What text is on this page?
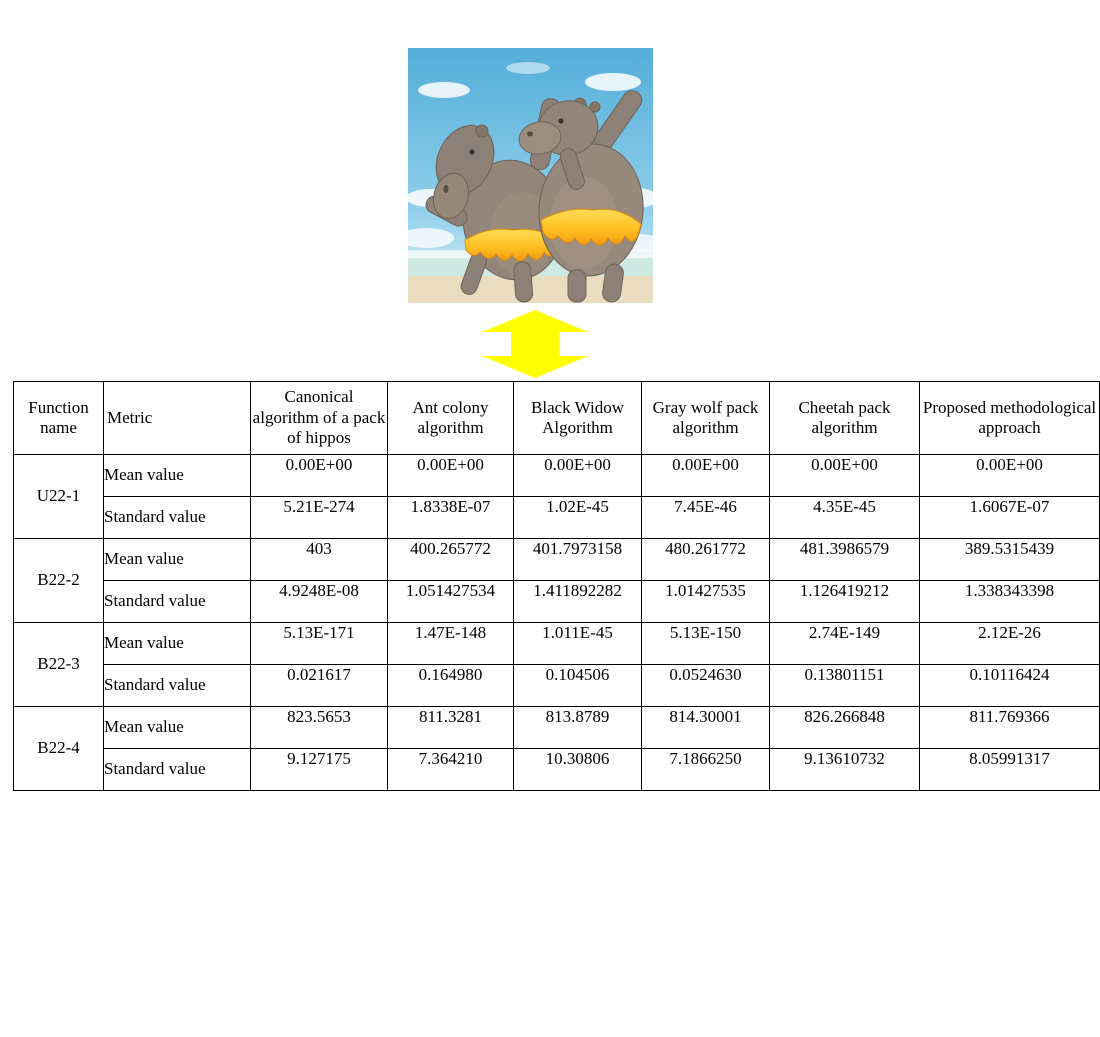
Function name	Metric	Canonical algorithm of a pack of hippos	Ant colony algorithm	Black Widow Algorithm	Gray wolf pack algorithm	Cheetah pack algorithm	Proposed methodological approach
U22-1	Mean value	0.00E+00	0.00E+00	0.00E+00	0.00E+00	0.00E+00	0.00E+00
	Standard value	5.21E-274	1.8338E-07	1.02E-45	7.45E-46	4.35E-45	1.6067E-07
B22-2	Mean value	403	400.265772	401.7973158	480.261772	481.3986579	389.5315439
	Standard value	4.9248E-08	1.051427534	1.411892282	1.01427535	1.126419212	1.338343398
B22-3	Mean value	5.13E-171	1.47E-148	1.011E-45	5.13E-150	2.74E-149	2.12E-26
	Standard value	0.021617	0.164980	0.104506	0.0524630	0.13801151	0.10116424
B22-4	Mean value	823.5653	811.3281	813.8789	814.30001	826.266848	811.769366
	Standard value	9.127175	7.364210	10.30806	7.1866250	9.13610732	8.05991317
